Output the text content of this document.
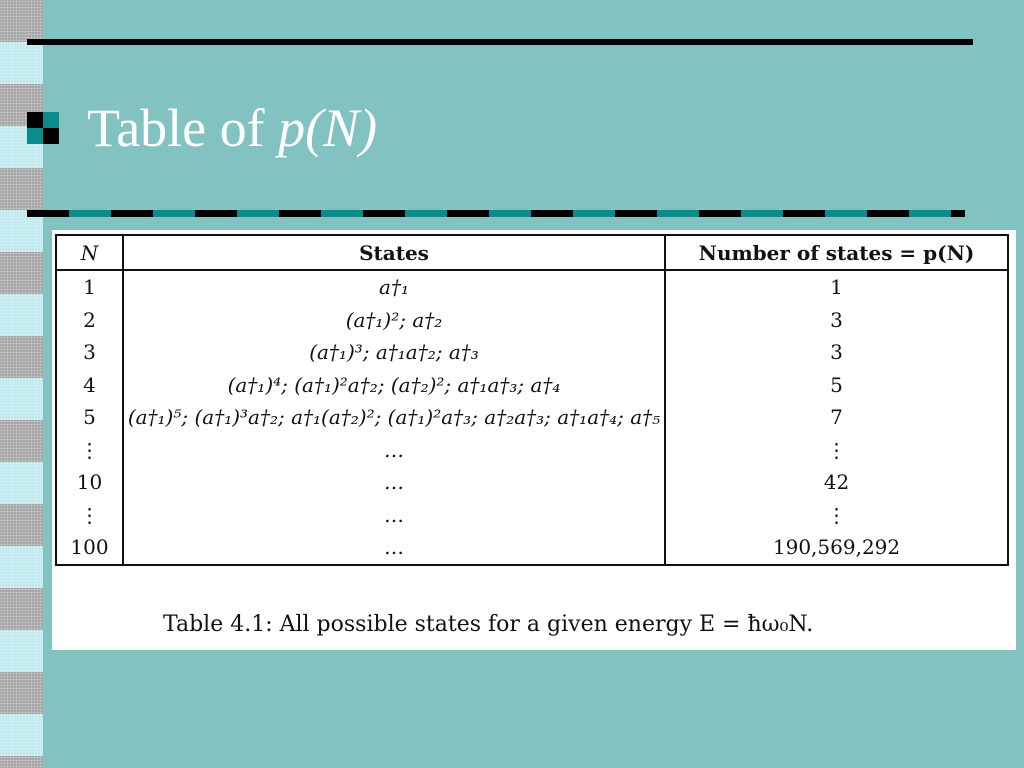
Table of p(N)
N	States	Number of states = p(N)
1	a†₁	1
2	(a†₁)²; a†₂	3
3	(a†₁)³; a†₁a†₂; a†₃	3
4	(a†₁)⁴; (a†₁)²a†₂; (a†₂)²; a†₁a†₃; a†₄	5
5	(a†₁)⁵; (a†₁)³a†₂; a†₁(a†₂)²; (a†₁)²a†₃; a†₂a†₃; a†₁a†₄; a†₅	7
⋮	…	⋮
10	…	42
⋮	…	⋮
100	…	190,569,292
Table 4.1: All possible states for a given energy E = ħω₀N.
